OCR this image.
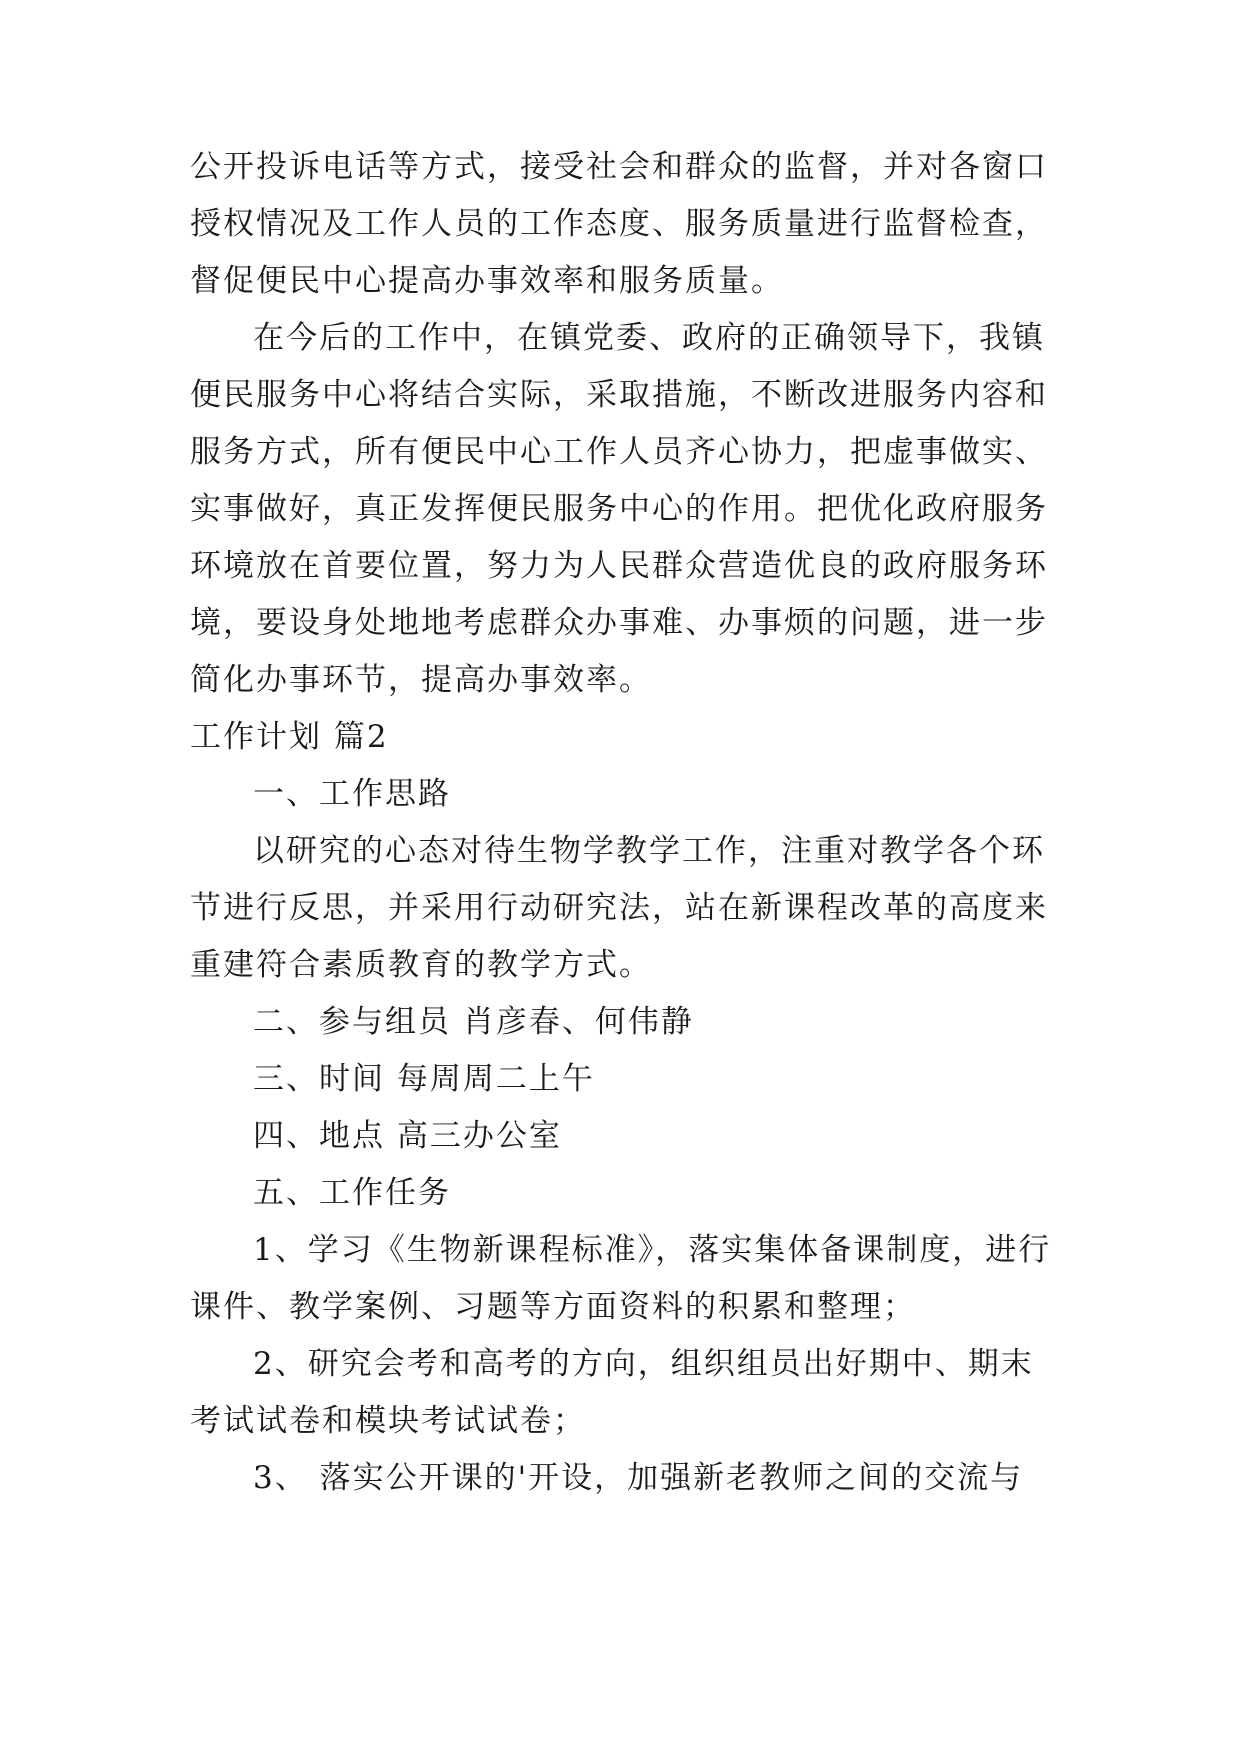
公开投诉电话等方式，接受社会和群众的监督，并对各窗口
授权情况及工作人员的工作态度、服务质量进行监督检查，
督促便民中心提高办事效率和服务质量。
在今后的工作中，在镇党委、政府的正确领导下，我镇
便民服务中心将结合实际，采取措施，不断改进服务内容和
服务方式，所有便民中心工作人员齐心协力，把虚事做实、
实事做好，真正发挥便民服务中心的作用。把优化政府服务
环境放在首要位置，努力为人民群众营造优良的政府服务环
境，要设身处地地考虑群众办事难、办事烦的问题，进一步
简化办事环节，提高办事效率。
工作计划 篇2
一、工作思路
以研究的心态对待生物学教学工作，注重对教学各个环
节进行反思，并采用行动研究法，站在新课程改革的高度来
重建符合素质教育的教学方式。
二、参与组员 肖彦春、何伟静
三、时间 每周周二上午
四、地点 高三办公室
五、工作任务
1、学习《生物新课程标准》，落实集体备课制度，进行
课件、教学案例、习题等方面资料的积累和整理；
2、研究会考和高考的方向，组织组员出好期中、期末
考试试卷和模块考试试卷；
3、 落实公开课的'开设，加强新老教师之间的交流与
